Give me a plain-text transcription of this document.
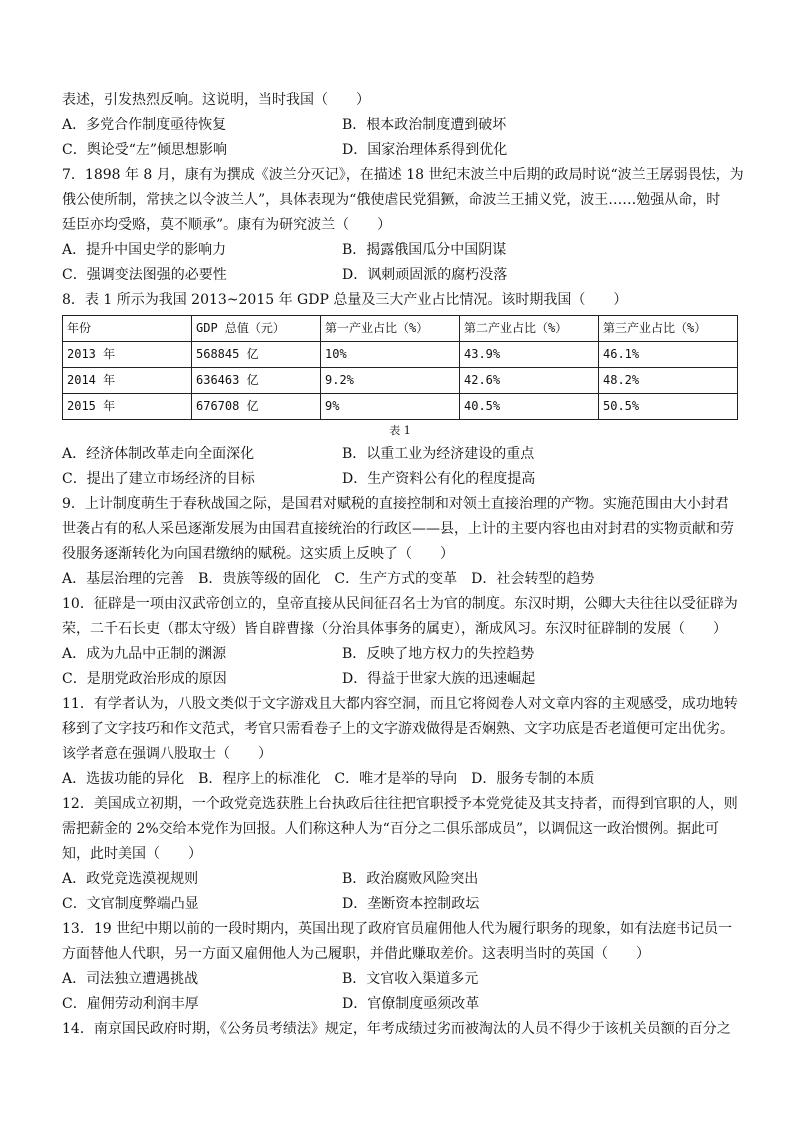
表述，引发热烈反响。这说明，当时我国（　　）
A．多党合作制度亟待恢复	B．根本政治制度遭到破坏
C．舆论受“左”倾思想影响	D．国家治理体系得到优化
7．1898 年 8 月，康有为撰成《波兰分灭记》，在描述 18 世纪末波兰中后期的政局时说“波兰王孱弱畏怯，为
俄公使所制，常挟之以令波兰人”，具体表现为“俄使虐民党猖獗，命波兰王捕义党，波王……勉强从命，时
廷臣亦均受赂，莫不顺承”。康有为研究波兰（　　）
A．提升中国史学的影响力	B．揭露俄国瓜分中国阴谋
C．强调变法图强的必要性	D．讽刺顽固派的腐朽没落
8．表 1 所示为我国 2013~2015 年 GDP 总量及三大产业占比情况。该时期我国（　　）
年份	GDP 总值（元）	第一产业占比（%）	第二产业占比（%）	第三产业占比（%）
2013 年	568845 亿	10%	43.9%	46.1%
2014 年	636463 亿	9.2%	42.6%	48.2%
2015 年	676708 亿	9%	40.5%	50.5%
表 1
A．经济体制改革走向全面深化	B．以重工业为经济建设的重点
C．提出了建立市场经济的目标	D．生产资料公有化的程度提高
9．上计制度萌生于春秋战国之际，是国君对赋税的直接控制和对领土直接治理的产物。实施范围由大小封君
世袭占有的私人采邑逐渐发展为由国君直接统治的行政区——县，上计的主要内容也由对封君的实物贡献和劳
役服务逐渐转化为向国君缴纳的赋税。这实质上反映了（　　）
A．基层治理的完善 B．贵族等级的固化 C．生产方式的变革 D．社会转型的趋势
10．征辟是一项由汉武帝创立的，皇帝直接从民间征召名士为官的制度。东汉时期，公卿大夫往往以受征辟为
荣，二千石长吏（郡太守级）皆自辟曹掾（分治具体事务的属吏），渐成风习。东汉时征辟制的发展（　　）
A．成为九品中正制的渊源	B．反映了地方权力的失控趋势
C．是朋党政治形成的原因	D．得益于世家大族的迅速崛起
11．有学者认为，八股文类似于文字游戏且大都内容空洞，而且它将阅卷人对文章内容的主观感受，成功地转
移到了文字技巧和作文范式，考官只需看卷子上的文字游戏做得是否娴熟、文字功底是否老道便可定出优劣。
该学者意在强调八股取士（　　）
A．选拔功能的异化 B．程序上的标准化 C．唯才是举的导向 D．服务专制的本质
12．美国成立初期，一个政党竞选获胜上台执政后往往把官职授予本党党徒及其支持者，而得到官职的人，则
需把薪金的 2%交给本党作为回报。人们称这种人为“百分之二俱乐部成员”，以调侃这一政治惯例。据此可
知，此时美国（　　）
A．政党竞选漠视规则	B．政治腐败风险突出
C．文官制度弊端凸显	D．垄断资本控制政坛
13．19 世纪中期以前的一段时期内，英国出现了政府官员雇佣他人代为履行职务的现象，如有法庭书记员一
方面替他人代职，另一方面又雇佣他人为己履职，并借此赚取差价。这表明当时的英国（　　）
A．司法独立遭遇挑战	B．文官收入渠道多元
C．雇佣劳动利润丰厚	D．官僚制度亟须改革
14．南京国民政府时期，《公务员考绩法》规定，年考成绩过劣而被淘汰的人员不得少于该机关员额的百分之
